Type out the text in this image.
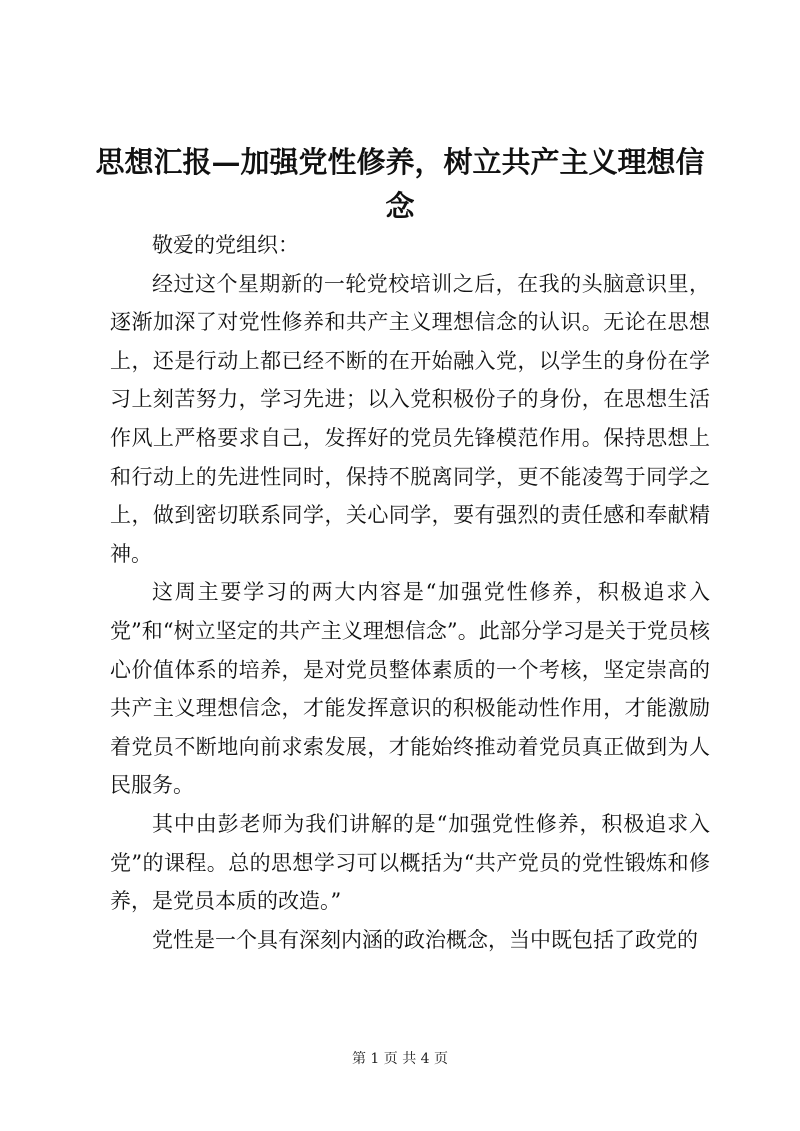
思想汇报—加强党性修养，树立共产主义理想信念

敬爱的党组织：

经过这个星期新的一轮党校培训之后，在我的头脑意识里，逐渐加深了对党性修养和共产主义理想信念的认识。无论在思想上，还是行动上都已经不断的在开始融入党，以学生的身份在学习上刻苦努力，学习先进；以入党积极份子的身份，在思想生活作风上严格要求自己，发挥好的党员先锋模范作用。保持思想上和行动上的先进性同时，保持不脱离同学，更不能凌驾于同学之上，做到密切联系同学，关心同学，要有强烈的责任感和奉献精神。

这周主要学习的两大内容是“加强党性修养，积极追求入党”和“树立坚定的共产主义理想信念”。此部分学习是关于党员核心价值体系的培养，是对党员整体素质的一个考核，坚定崇高的共产主义理想信念，才能发挥意识的积极能动性作用，才能激励着党员不断地向前求索发展，才能始终推动着党员真正做到为人民服务。

其中由彭老师为我们讲解的是“加强党性修养，积极追求入党”的课程。总的思想学习可以概括为“共产党员的党性锻炼和修养，是党员本质的改造。”

党性是一个具有深刻内涵的政治概念，当中既包括了政党的

第 1 页 共 4 页
